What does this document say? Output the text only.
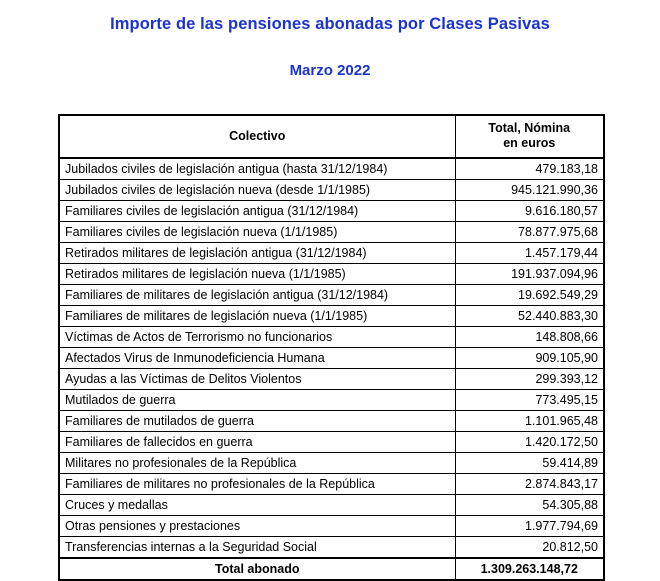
Importe de las pensiones abonadas por Clases Pasivas
Marzo 2022
Colectivo	Total, Nómina
en euros
Jubilados civiles de legislación antigua (hasta 31/12/1984)	479.183,18
Jubilados civiles de legislación nueva (desde 1/1/1985)	945.121.990,36
Familiares civiles de legislación antigua (31/12/1984)	9.616.180,57
Familiares civiles de legislación nueva (1/1/1985)	78.877.975,68
Retirados militares de legislación antigua (31/12/1984)	1.457.179,44
Retirados militares de legislación nueva (1/1/1985)	191.937.094,96
Familiares de militares de legislación antigua (31/12/1984)	19.692.549,29
Familiares de militares de legislación nueva (1/1/1985)	52.440.883,30
Víctimas de Actos de Terrorismo no funcionarios	148.808,66
Afectados Virus de Inmunodeficiencia Humana	909.105,90
Ayudas a las Víctimas de Delitos Violentos	299.393,12
Mutilados de guerra	773.495,15
Familiares de mutilados de guerra	1.101.965,48
Familiares de fallecidos en guerra	1.420.172,50
Militares no profesionales de la República	59.414,89
Familiares de militares no profesionales de la República	2.874.843,17
Cruces y medallas	54.305,88
Otras pensiones y prestaciones	1.977.794,69
Transferencias internas a la Seguridad Social	20.812,50
Total abonado	1.309.263.148,72
